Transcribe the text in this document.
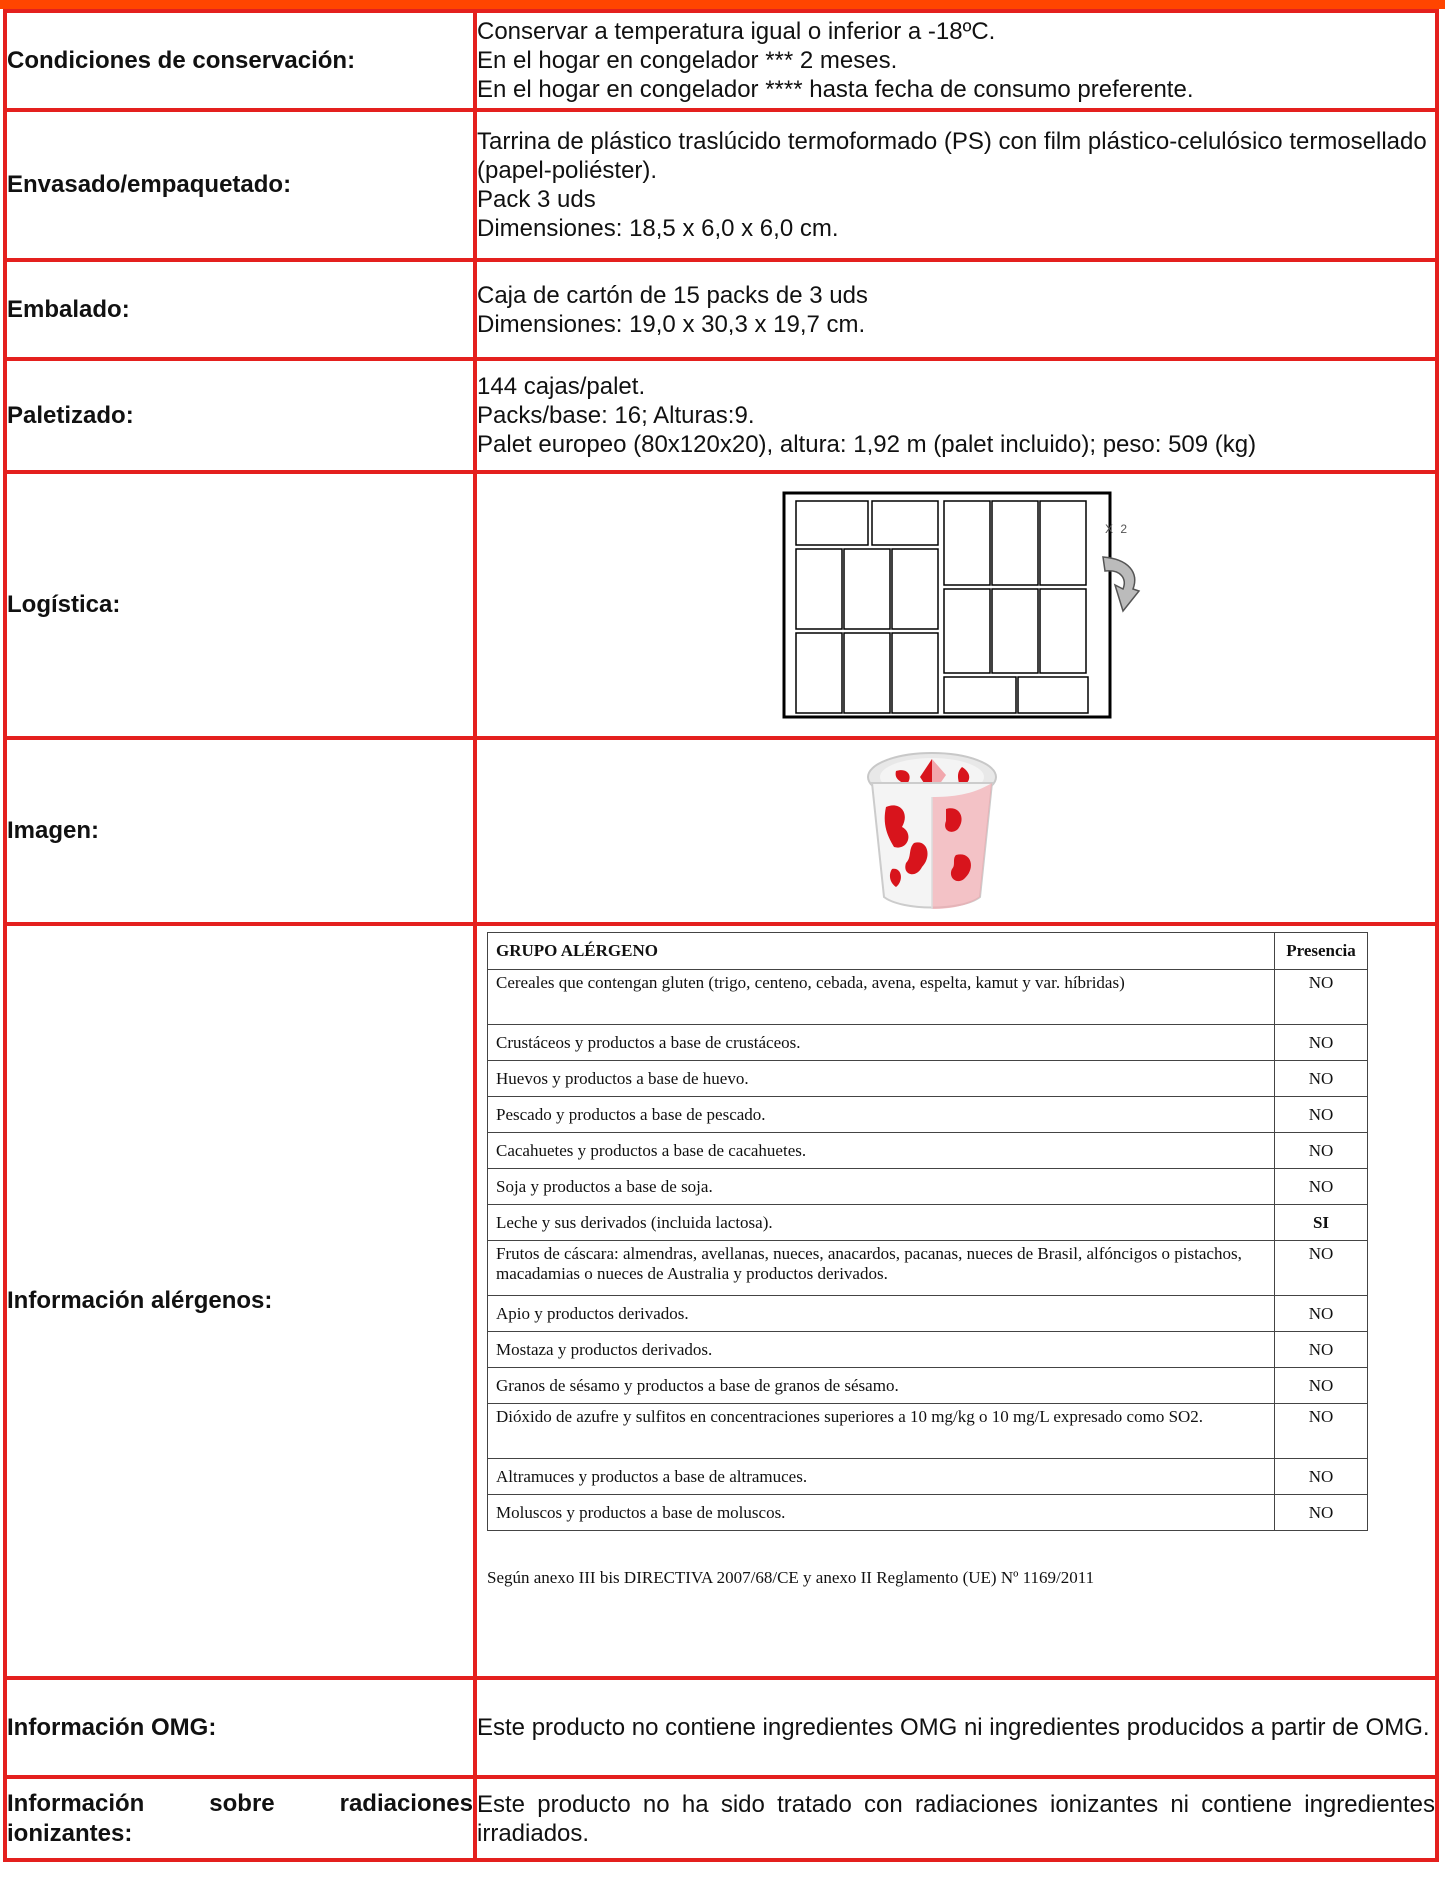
Condiciones de conservación:	
Conservar a temperatura igual o inferior a -18ºC.
En el hogar en congelador *** 2 meses.
En el hogar en congelador **** hasta fecha de consumo preferente.

Envasado/empaquetado:	
Tarrina de plástico traslúcido termoformado (PS) con film plástico-celulósico termosellado (papel-poliéster).
Pack 3 uds
Dimensiones: 18,5 x 6,0 x 6,0 cm.

Embalado:	
Caja de cartón de 15 packs de 3 uds
Dimensiones: 19,0 x 30,3 x 19,7 cm.

Paletizado:	
144 cajas/palet.
Packs/base: 16; Alturas:9.
Palet europeo (80x120x20), altura: 1,92 m (palet incluido); peso: 509 (kg)

Logística:	
X 2

Imagen:	

Información alérgenos:	
GRUPO ALÉRGENO	Presencia
Cereales que contengan gluten (trigo, centeno, cebada, avena, espelta, kamut y var. híbridas)	NO
Crustáceos y productos a base de crustáceos.	NO
Huevos y productos a base de huevo.	NO
Pescado y productos a base de pescado.	NO
Cacahuetes y productos a base de cacahuetes.	NO
Soja y productos a base de soja.	NO
Leche y sus derivados (incluida lactosa).	SI
Frutos de cáscara: almendras, avellanas, nueces, anacardos, pacanas, nueces de Brasil, alfóncigos o pistachos, macadamias o nueces de Australia y productos derivados.	NO
Apio y productos derivados.	NO
Mostaza y productos derivados.	NO
Granos de sésamo y productos a base de granos de sésamo.	NO
Dióxido de azufre y sulfitos en concentraciones superiores a 10 mg/kg o 10 mg/L expresado como SO2.	NO
Altramuces y productos a base de altramuces.	NO
Moluscos y productos a base de moluscos.	NO
Según anexo III bis DIRECTIVA 2007/68/CE y anexo II Reglamento (UE) Nº 1169/2011

Información OMG:	Este producto no contiene ingredientes OMG ni ingredientes producidos a partir de OMG.
Información sobre radiaciones ionizantes:	Este producto no ha sido tratado con radiaciones ionizantes ni contiene ingredientes irradiados.
